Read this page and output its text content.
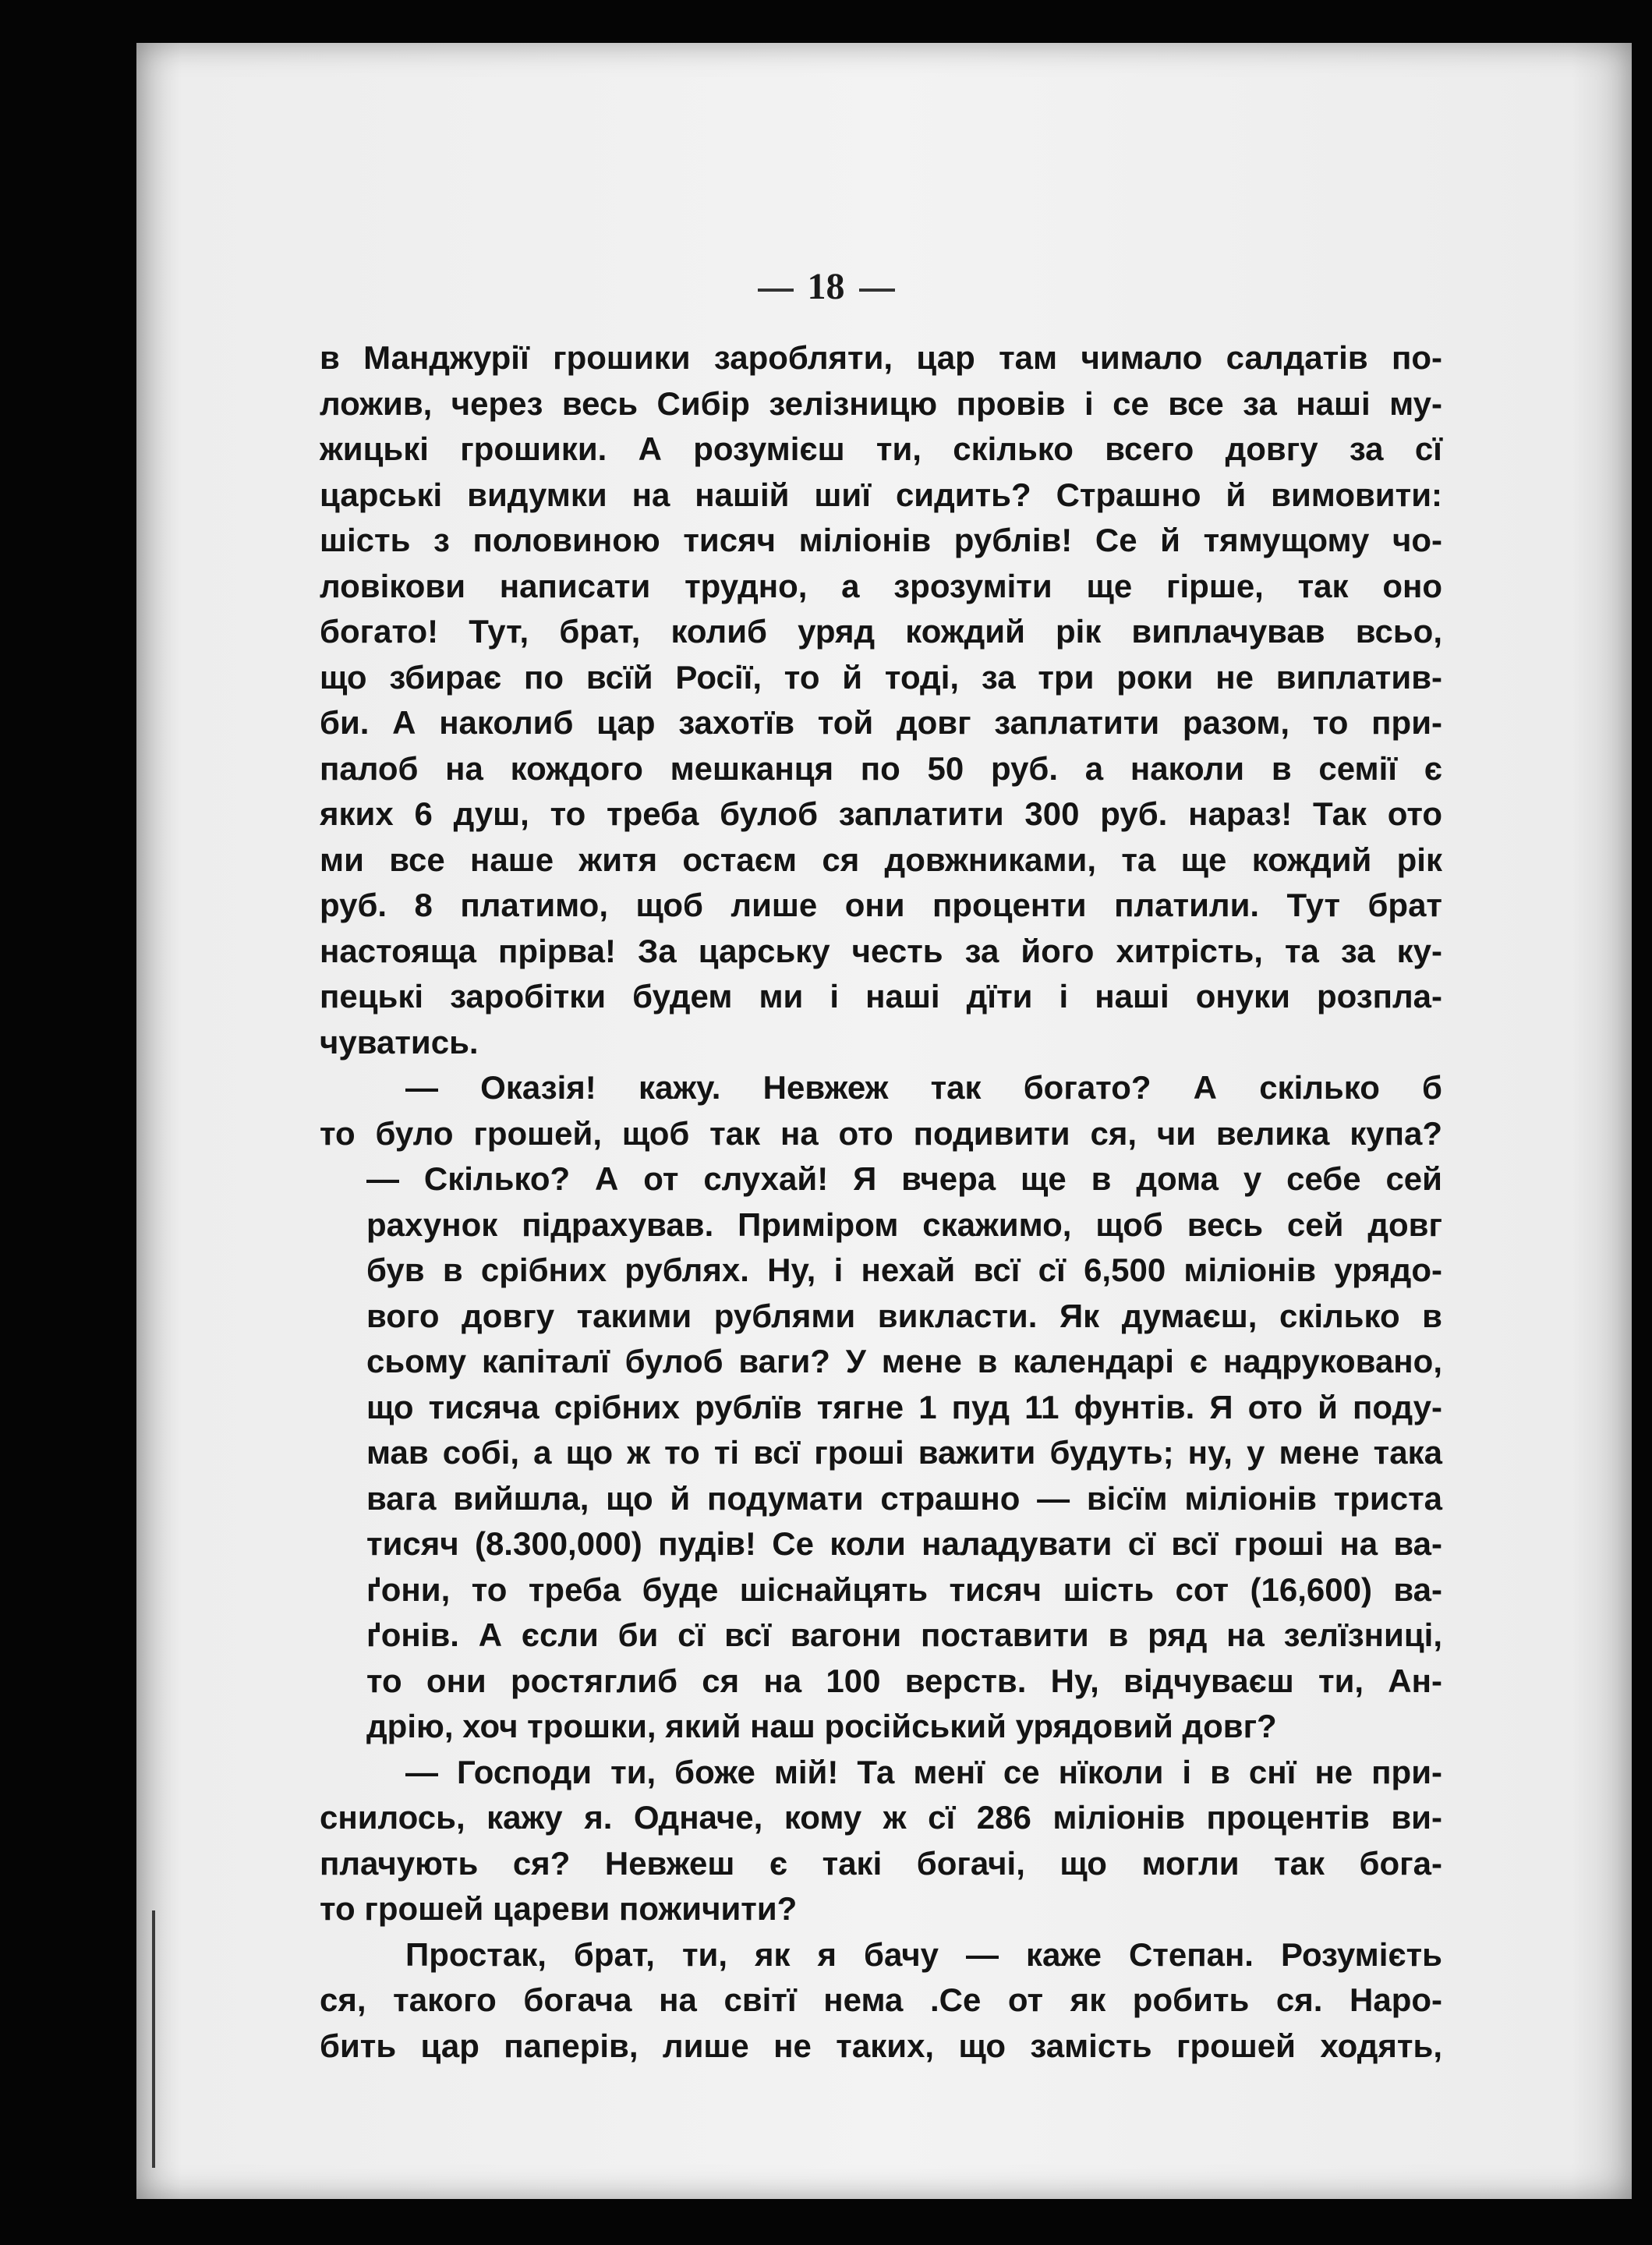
18
в Манджурії грошики заробляти, цар там чимало салдатів по-
ложив, через весь Сибір зелізницю провів і се все за наші му-
жицькі грошики. А розумієш ти, скілько всего довгу за сї
царські видумки на нашій шиї сидить? Страшно й вимовити:
шість з половиною тисяч міліонів рублів! Се й тямущому чо-
ловікови написати трудно, а зрозуміти ще гірше, так оно
богато! Тут, брат, колиб уряд кождий рік виплачував всьо,
що збирає по всїй Росії, то й тоді, за три роки не виплатив-
би. А наколиб цар захотїв той довг заплатити разом, то при-
палоб на кождого мешканця по 50 руб. а наколи в семії є
яких 6 душ, то треба булоб заплатити 300 руб. нараз! Так ото
ми все наше житя остаєм ся довжниками, та ще кождий рік
руб. 8 платимо, щоб лише они проценти платили. Тут брат
настояща прірва! За царську честь за його хитрість, та за ку-
пецькі заробітки будем ми і наші дїти і наші онуки розпла-
чуватись.
— Оказія! кажу. Невжеж так богато? А скілько б
то було грошей, щоб так на ото подивити ся, чи велика купа?
— Скілько? А от слухай! Я вчера ще в дома у себе сей
рахунок підрахував. Приміром скажимо, щоб весь сей довг
був в срібних рублях. Ну, і нехай всї сї 6,500 міліонів урядо-
вого довгу такими рублями викласти. Як думаєш, скілько в
сьому капіталї булоб ваги? У мене в календарі є надруковано,
що тисяча срібних рублїв тягне 1 пуд 11 фунтів. Я ото й поду-
мав собі, а що ж то ті всї гроші важити будуть; ну, у мене така
вага вийшла, що й подумати страшно — вісїм міліонів триста
тисяч (8.300,000) пудів! Се коли наладувати сї всї гроші на ва-
ґони, то треба буде шіснайцять тисяч шість сот (16,600) ва-
ґонів. А єсли би сї всї вагони поставити в ряд на зелїзниці,
то они ростяглиб ся на 100 верств. Ну, відчуваєш ти, Ан-
дрію, хоч трошки, який наш російський урядовий довг?
— Господи ти, боже мій! Та менї се нїколи і в снї не при-
снилось, кажу я. Одначе, кому ж сї 286 міліонів процентів ви-
плачують ся? Невжеш є такі богачі, що могли так бога-
то грошей цареви пожичити?
Простак, брат, ти, як я бачу — каже Степан. Розумієть
ся, такого богача на світї нема .Се от як робить ся. Наро-
бить цар паперів, лише не таких, що замість грошей ходять,
